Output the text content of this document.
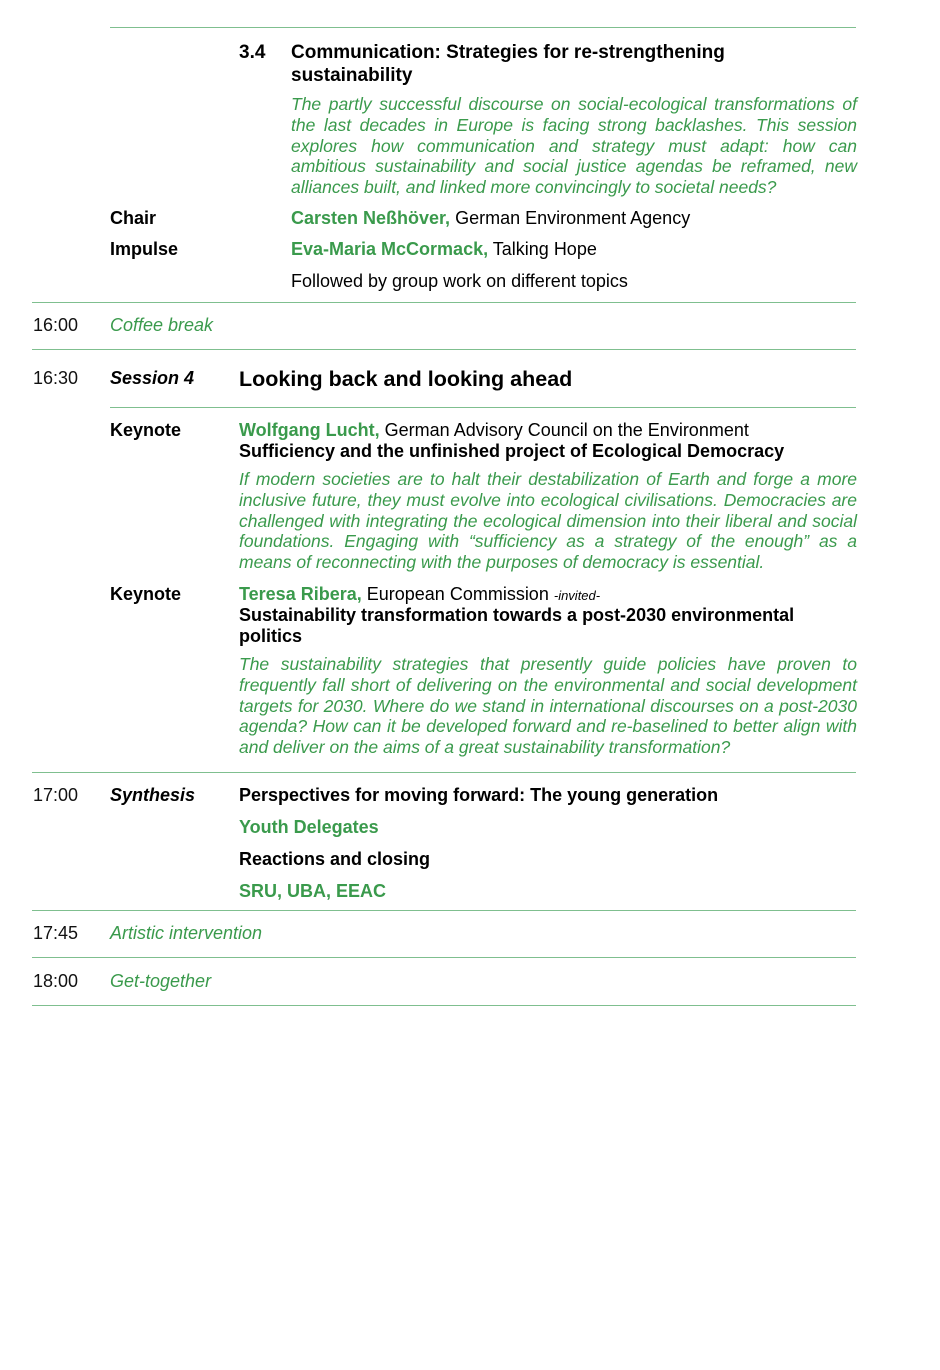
3.4 Communication: Strategies for re-strengthening sustainability
The partly successful discourse on social-ecological transformations of the last decades in Europe is facing strong backlashes. This session explores how communication and strategy must adapt: how can ambitious sustainability and social justice agendas be reframed, new alliances built, and linked more convincingly to societal needs?
Chair	Carsten Neßhöver, German Environment Agency
Impulse	Eva-Maria McCormack, Talking Hope
Followed by group work on different topics
16:00 Coffee break
16:30 Session 4 Looking back and looking ahead
Keynote	Wolfgang Lucht, German Advisory Council on the Environment
Sufficiency and the unfinished project of Ecological Democracy
If modern societies are to halt their destabilization of Earth and forge a more inclusive future, they must evolve into ecological civilisations. Democracies are challenged with integrating the ecological dimension into their liberal and social foundations. Engaging with “sufficiency as a strategy of the enough” as a means of reconnecting with the purposes of democracy is essential.
Keynote	Teresa Ribera, European Commission -invited-
Sustainability transformation towards a post-2030 environmental politics
The sustainability strategies that presently guide policies have proven to frequently fall short of delivering on the environmental and social development targets for 2030. Where do we stand in international discourses on a post-2030 agenda? How can it be developed forward and re-baselined to better align with and deliver on the aims of a great sustainability transformation?
17:00 Synthesis Perspectives for moving forward: The young generation
Youth Delegates
Reactions and closing
SRU, UBA, EEAC
17:45 Artistic intervention
18:00 Get-together
